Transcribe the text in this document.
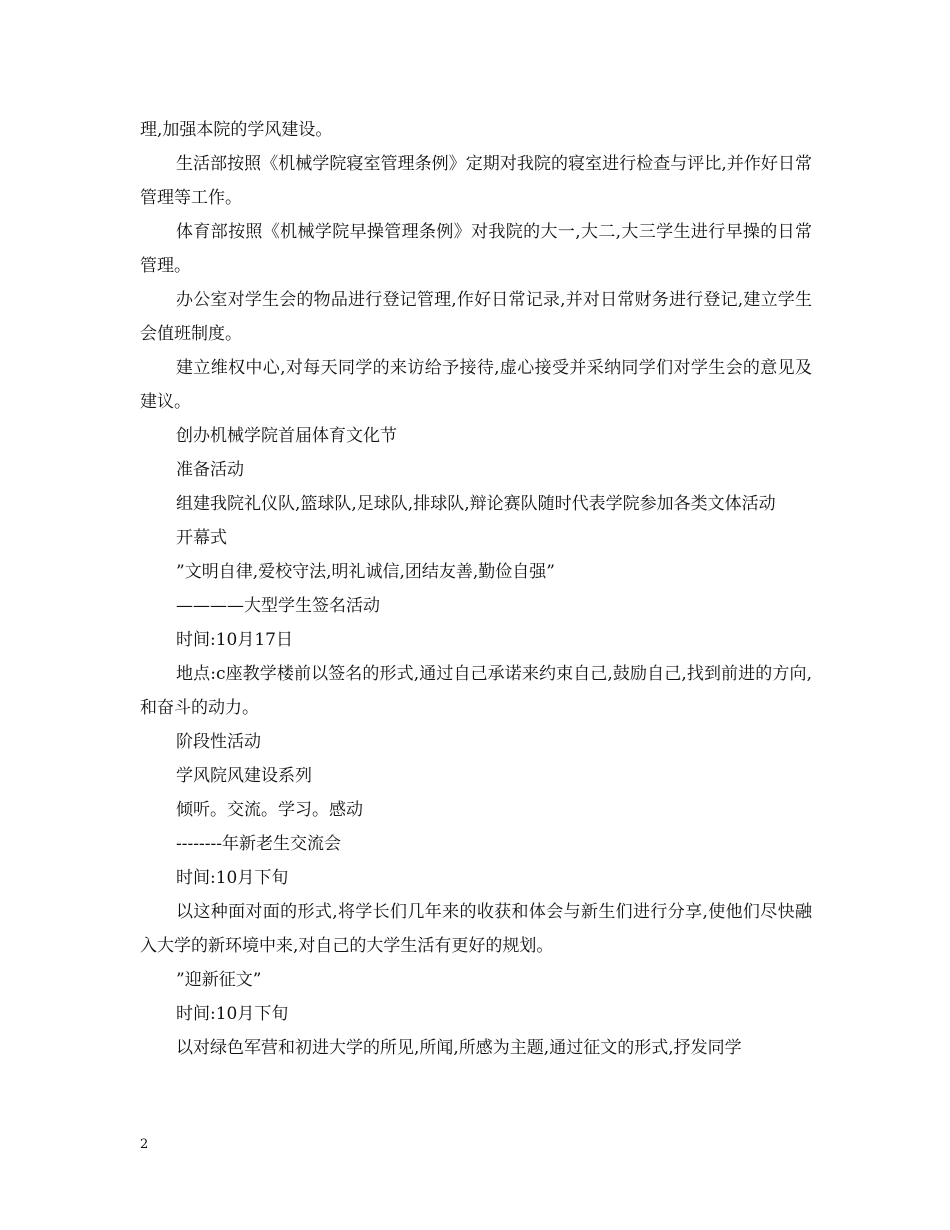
理,加强本院的学风建设。

生活部按照《机械学院寝室管理条例》定期对我院的寝室进行检查与评比,并作好日常管理等工作。

体育部按照《机械学院早操管理条例》对我院的大一,大二,大三学生进行早操的日常管理。

办公室对学生会的物品进行登记管理,作好日常记录,并对日常财务进行登记,建立学生会值班制度。

建立维权中心,对每天同学的来访给予接待,虚心接受并采纳同学们对学生会的意见及建议。

创办机械学院首届体育文化节

准备活动

组建我院礼仪队,篮球队,足球队,排球队,辩论赛队随时代表学院参加各类文体活动

开幕式

”文明自律,爱校守法,明礼诚信,团结友善,勤俭自强”

————大型学生签名活动

时间:10月17日

地点:c座教学楼前以签名的形式,通过自己承诺来约束自己,鼓励自己,找到前进的方向,和奋斗的动力。

阶段性活动

学风院风建设系列

倾听。交流。学习。感动

--------年新老生交流会

时间:10月下旬

以这种面对面的形式,将学长们几年来的收获和体会与新生们进行分享,使他们尽快融入大学的新环境中来,对自己的大学生活有更好的规划。

”迎新征文”

时间:10月下旬

以对绿色军营和初进大学的所见,所闻,所感为主题,通过征文的形式,抒发同学

2
